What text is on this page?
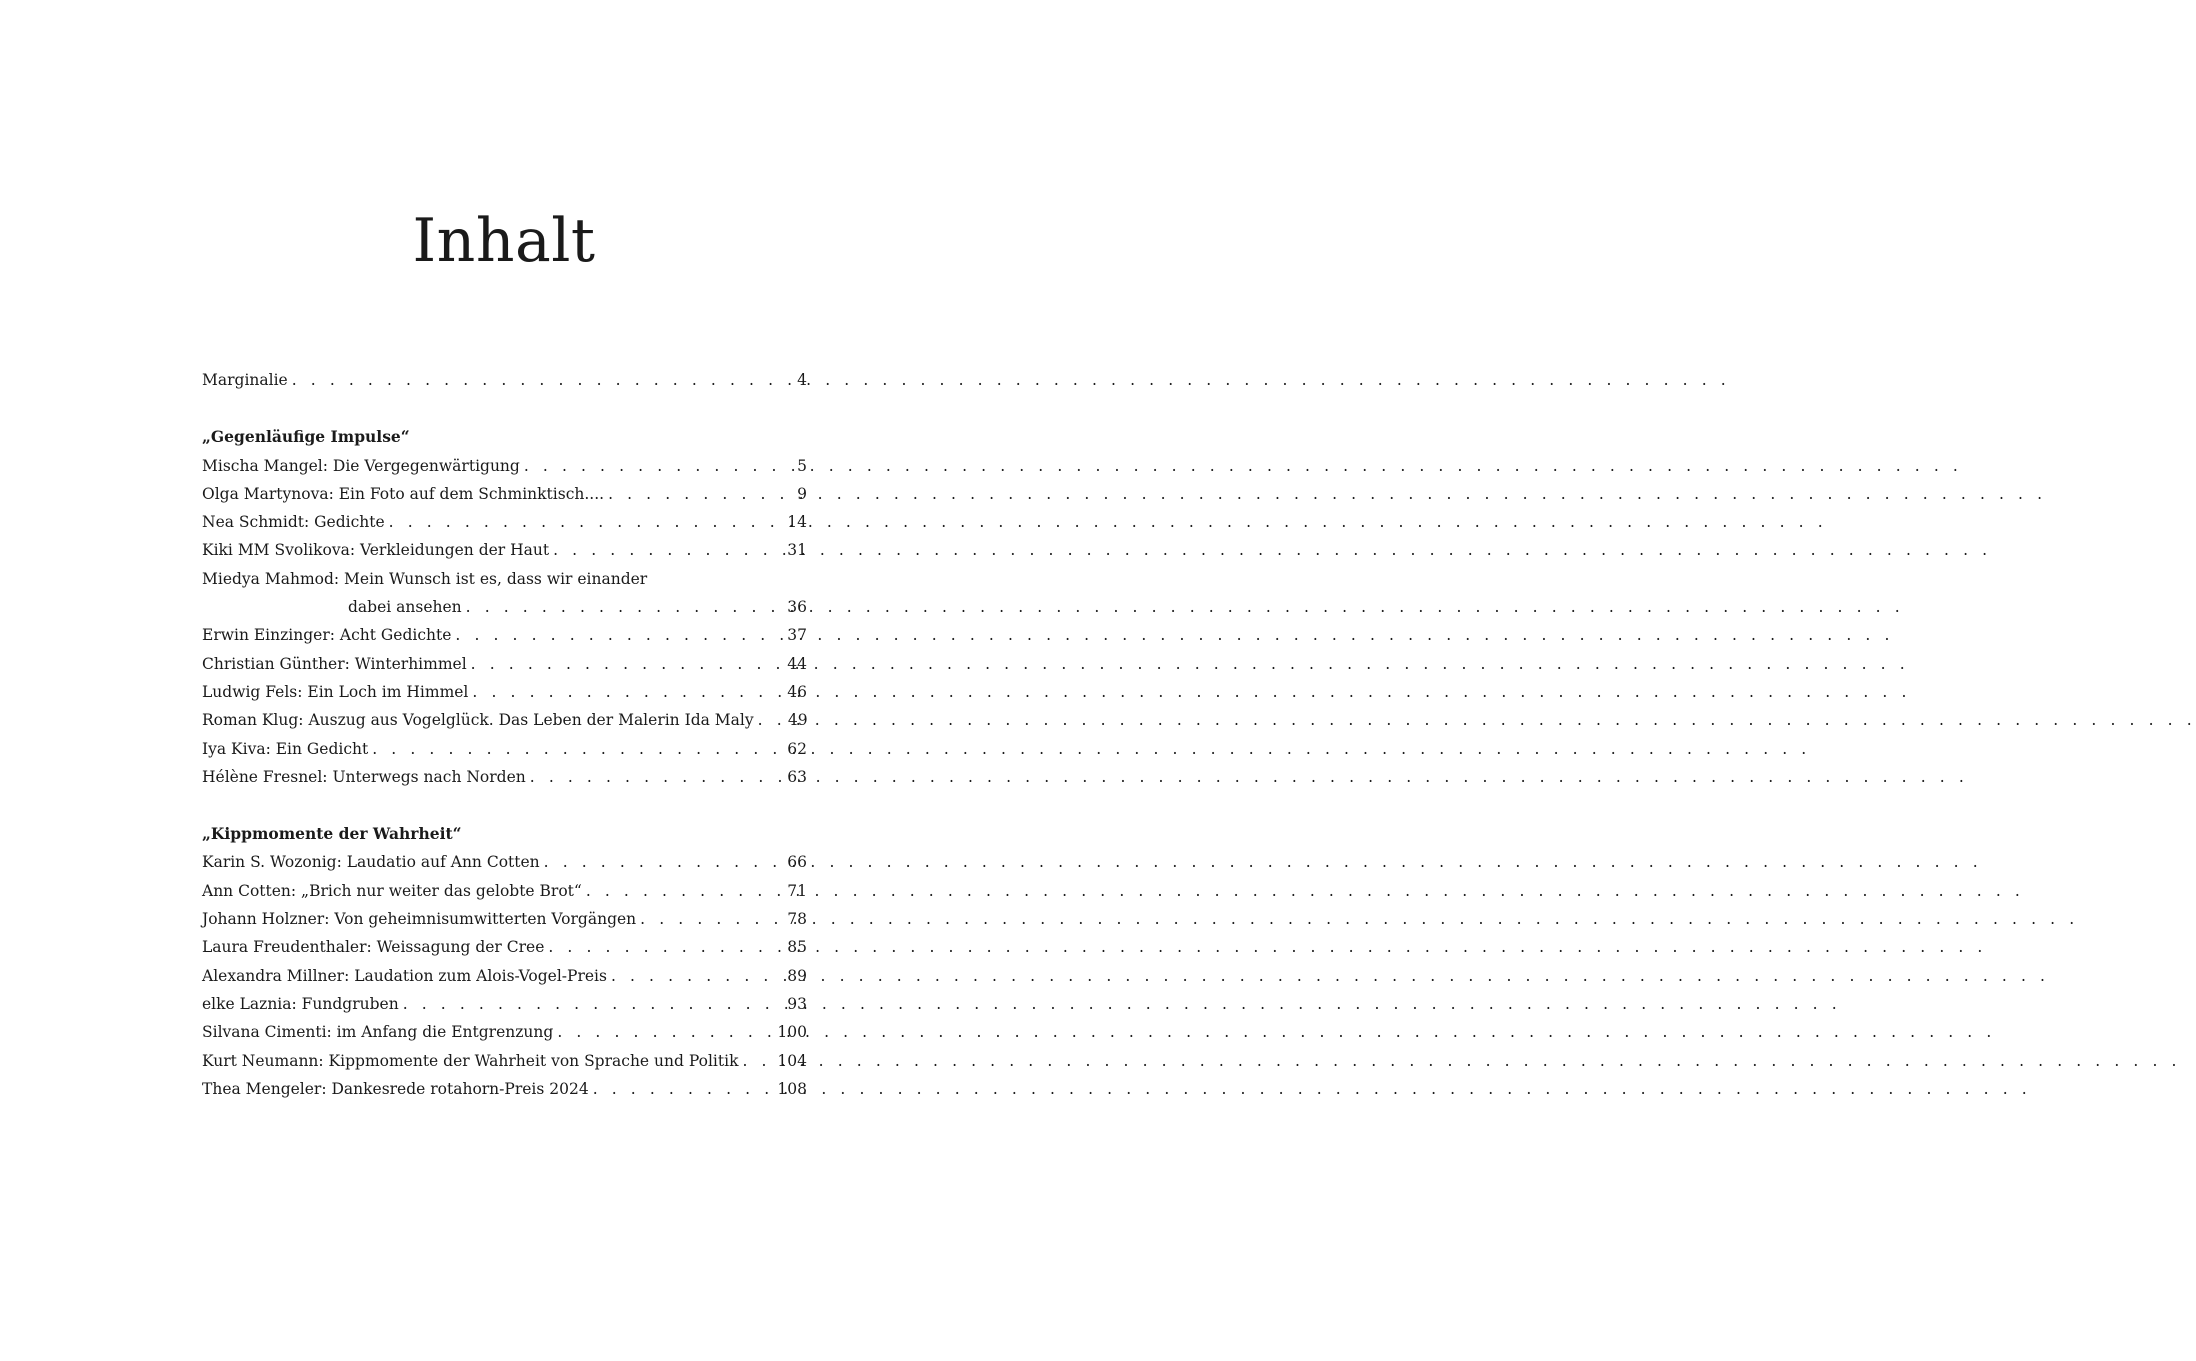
Inhalt
Marginalie . . .	4
„Gegenläufige Impulse“
Mischa Mangel: Die Vergegenwärtigung . . .	5
Olga Martynova: Ein Foto auf dem Schminktisch.... . . .	9
Nea Schmidt: Gedichte . . .	14
Kiki MM Svolikova: Verkleidungen der Haut . . .	31
Miedya Mahmod: Mein Wunsch ist es, dass wir einander
dabei ansehen . . .	36
Erwin Einzinger: Acht Gedichte . . .	37
Christian Günther: Winterhimmel . . .	44
Ludwig Fels: Ein Loch im Himmel . . .	46
Roman Klug: Auszug aus Vogelglück. Das Leben der Malerin Ida Maly . . .	49
Iya Kiva: Ein Gedicht . . .	62
Hélène Fresnel: Unterwegs nach Norden . . .	63
„Kippmomente der Wahrheit“
Karin S. Wozonig: Laudatio auf Ann Cotten . . .	66
Ann Cotten: „Brich nur weiter das gelobte Brot“ . . .	71
Johann Holzner: Von geheimnisumwitterten Vorgängen . . .	78
Laura Freudenthaler: Weissagung der Cree . . .	85
Alexandra Millner: Laudation zum Alois-Vogel-Preis . . .	89
elke Laznia: Fundgruben . . .	93
Silvana Cimenti: im Anfang die Entgrenzung . . .	100
Kurt Neumann: Kippmomente der Wahrheit von Sprache und Politik . . .	104
Thea Mengeler: Dankesrede rotahorn-Preis 2024 . . .	108
